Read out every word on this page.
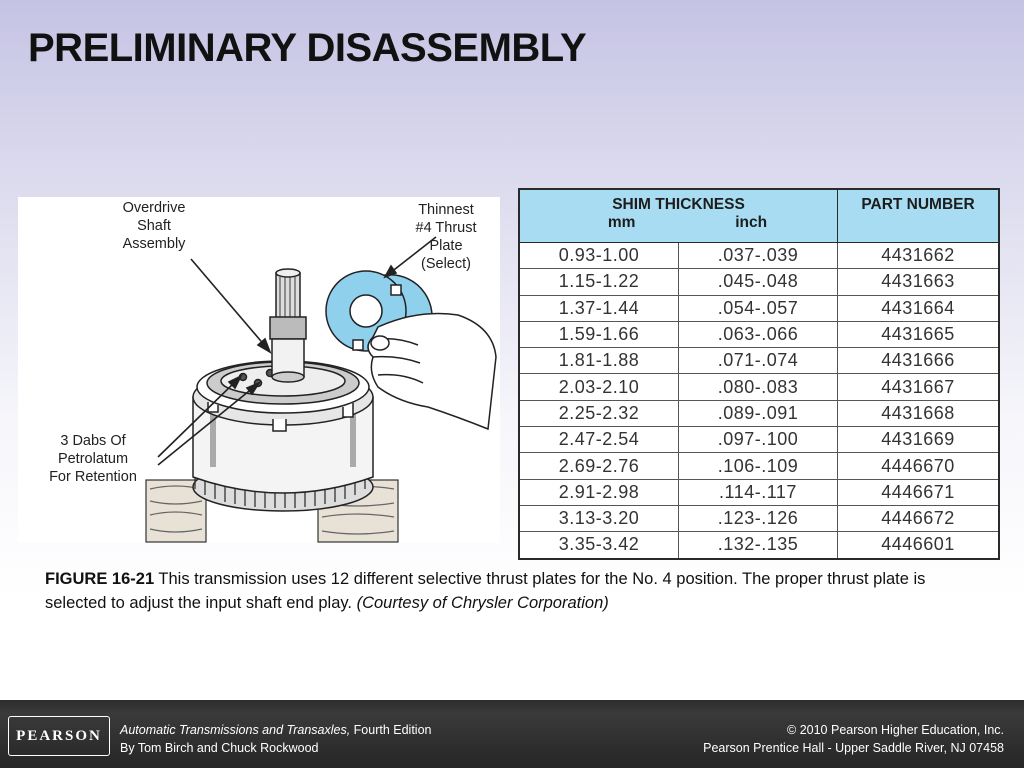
PRELIMINARY DISASSEMBLY
Overdrive
Shaft
Assembly
Thinnest
#4 Thrust
Plate
(Select)
3 Dabs Of
Petrolatum
For Retention
SHIM THICKNESS
mm inch		PART NUMBER
0.93-1.00	.037-.039	4431662
1.15-1.22	.045-.048	4431663
1.37-1.44	.054-.057	4431664
1.59-1.66	.063-.066	4431665
1.81-1.88	.071-.074	4431666
2.03-2.10	.080-.083	4431667
2.25-2.32	.089-.091	4431668
2.47-2.54	.097-.100	4431669
2.69-2.76	.106-.109	4446670
2.91-2.98	.114-.117	4446671
3.13-3.20	.123-.126	4446672
3.35-3.42	.132-.135	4446601

FIGURE 16-21 This transmission uses 12 different selective thrust plates for the No. 4 position. The proper thrust plate is selected to adjust the input shaft end play. (Courtesy of Chrysler Corporation)

PEARSON	Automatic Transmissions and Transaxles, Fourth Edition
By Tom Birch and Chuck Rockwood
© 2010 Pearson Higher Education, Inc.
Pearson Prentice Hall - Upper Saddle River, NJ 07458
